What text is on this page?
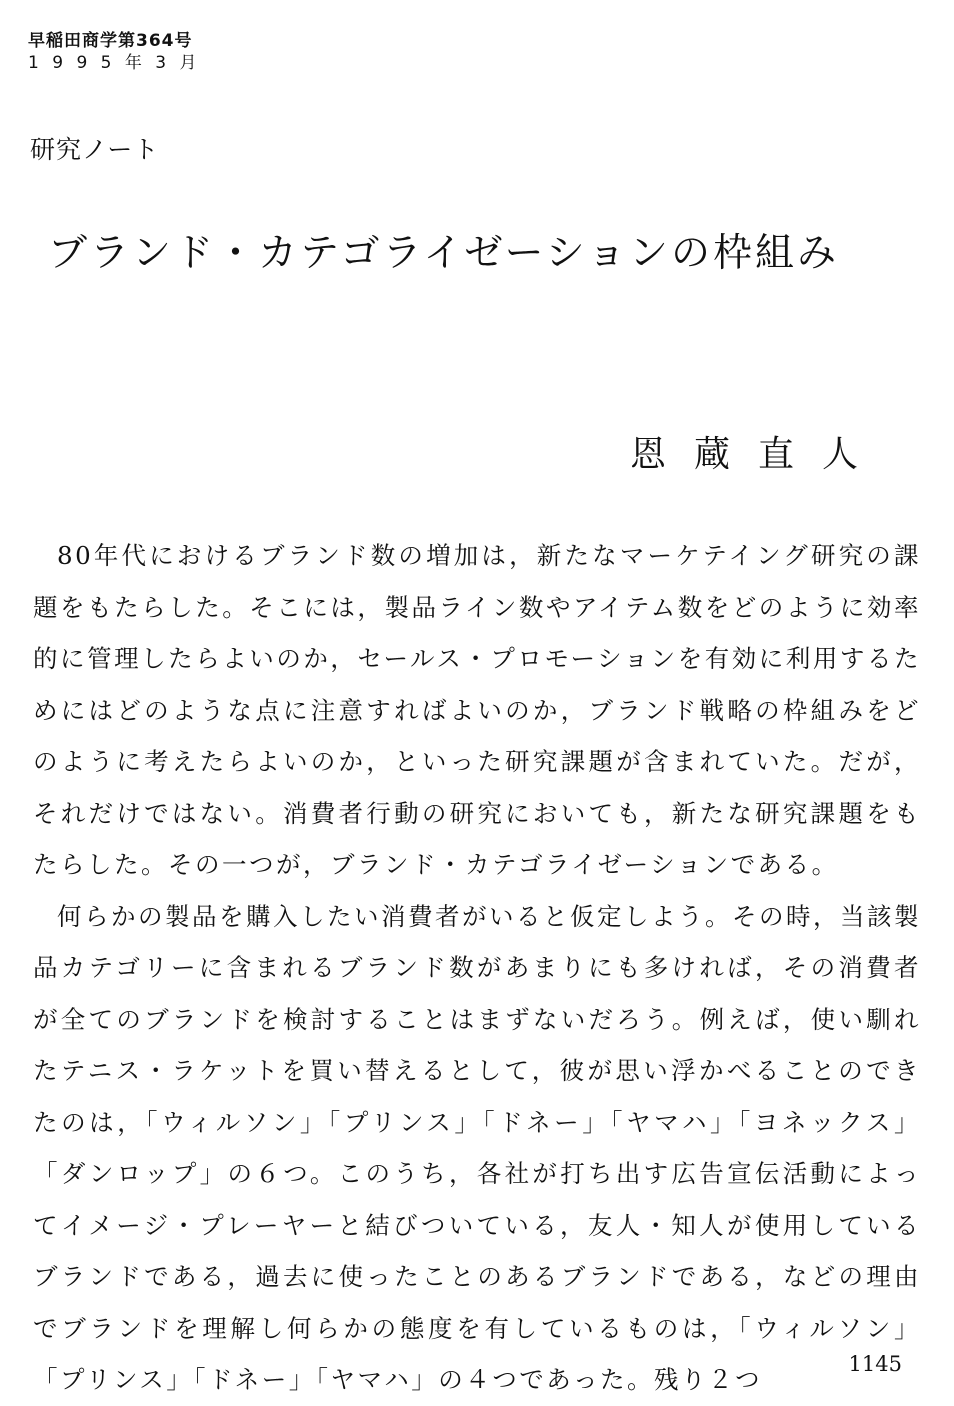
早稲田商学第364号
1 9 9 5 年 3 月
研究ノート
ブランド・カテゴライゼーションの枠組み
恩蔵直人

80年代におけるブランド数の増加は，新たなマーケテイング研究の課題をもたらした。そこには，製品ライン数やアイテム数をどのように効率的に管理したらよいのか，セールス・プロモーションを有効に利用するためにはどのような点に注意すればよいのか，ブランド戦略の枠組みをどのように考えたらよいのか，といった研究課題が含まれていた。だが，それだけではない。消費者行動の研究においても，新たな研究課題をもたらした。その一つが，ブランド・カテゴライゼーションである。

何らかの製品を購入したい消費者がいると仮定しよう。その時，当該製品カテゴリーに含まれるブランド数があまりにも多ければ，その消費者が全てのブランドを検討することはまずないだろう。例えば，使い馴れたテニス・ラケットを買い替えるとして，彼が思い浮かべることのできたのは，「ウィルソン」「プリンス」「ドネー」「ヤマハ」「ヨネックス」「ダンロップ」の６つ。このうち，各社が打ち出す広告宣伝活動によってイメージ・プレーヤーと結びついている，友人・知人が使用しているブランドである，過去に使ったことのあるブランドである，などの理由でブランドを理解し何らかの態度を有しているものは，「ウィルソン」「プリンス」「ドネー」「ヤマハ」の４つであった。残り２つ

1145
